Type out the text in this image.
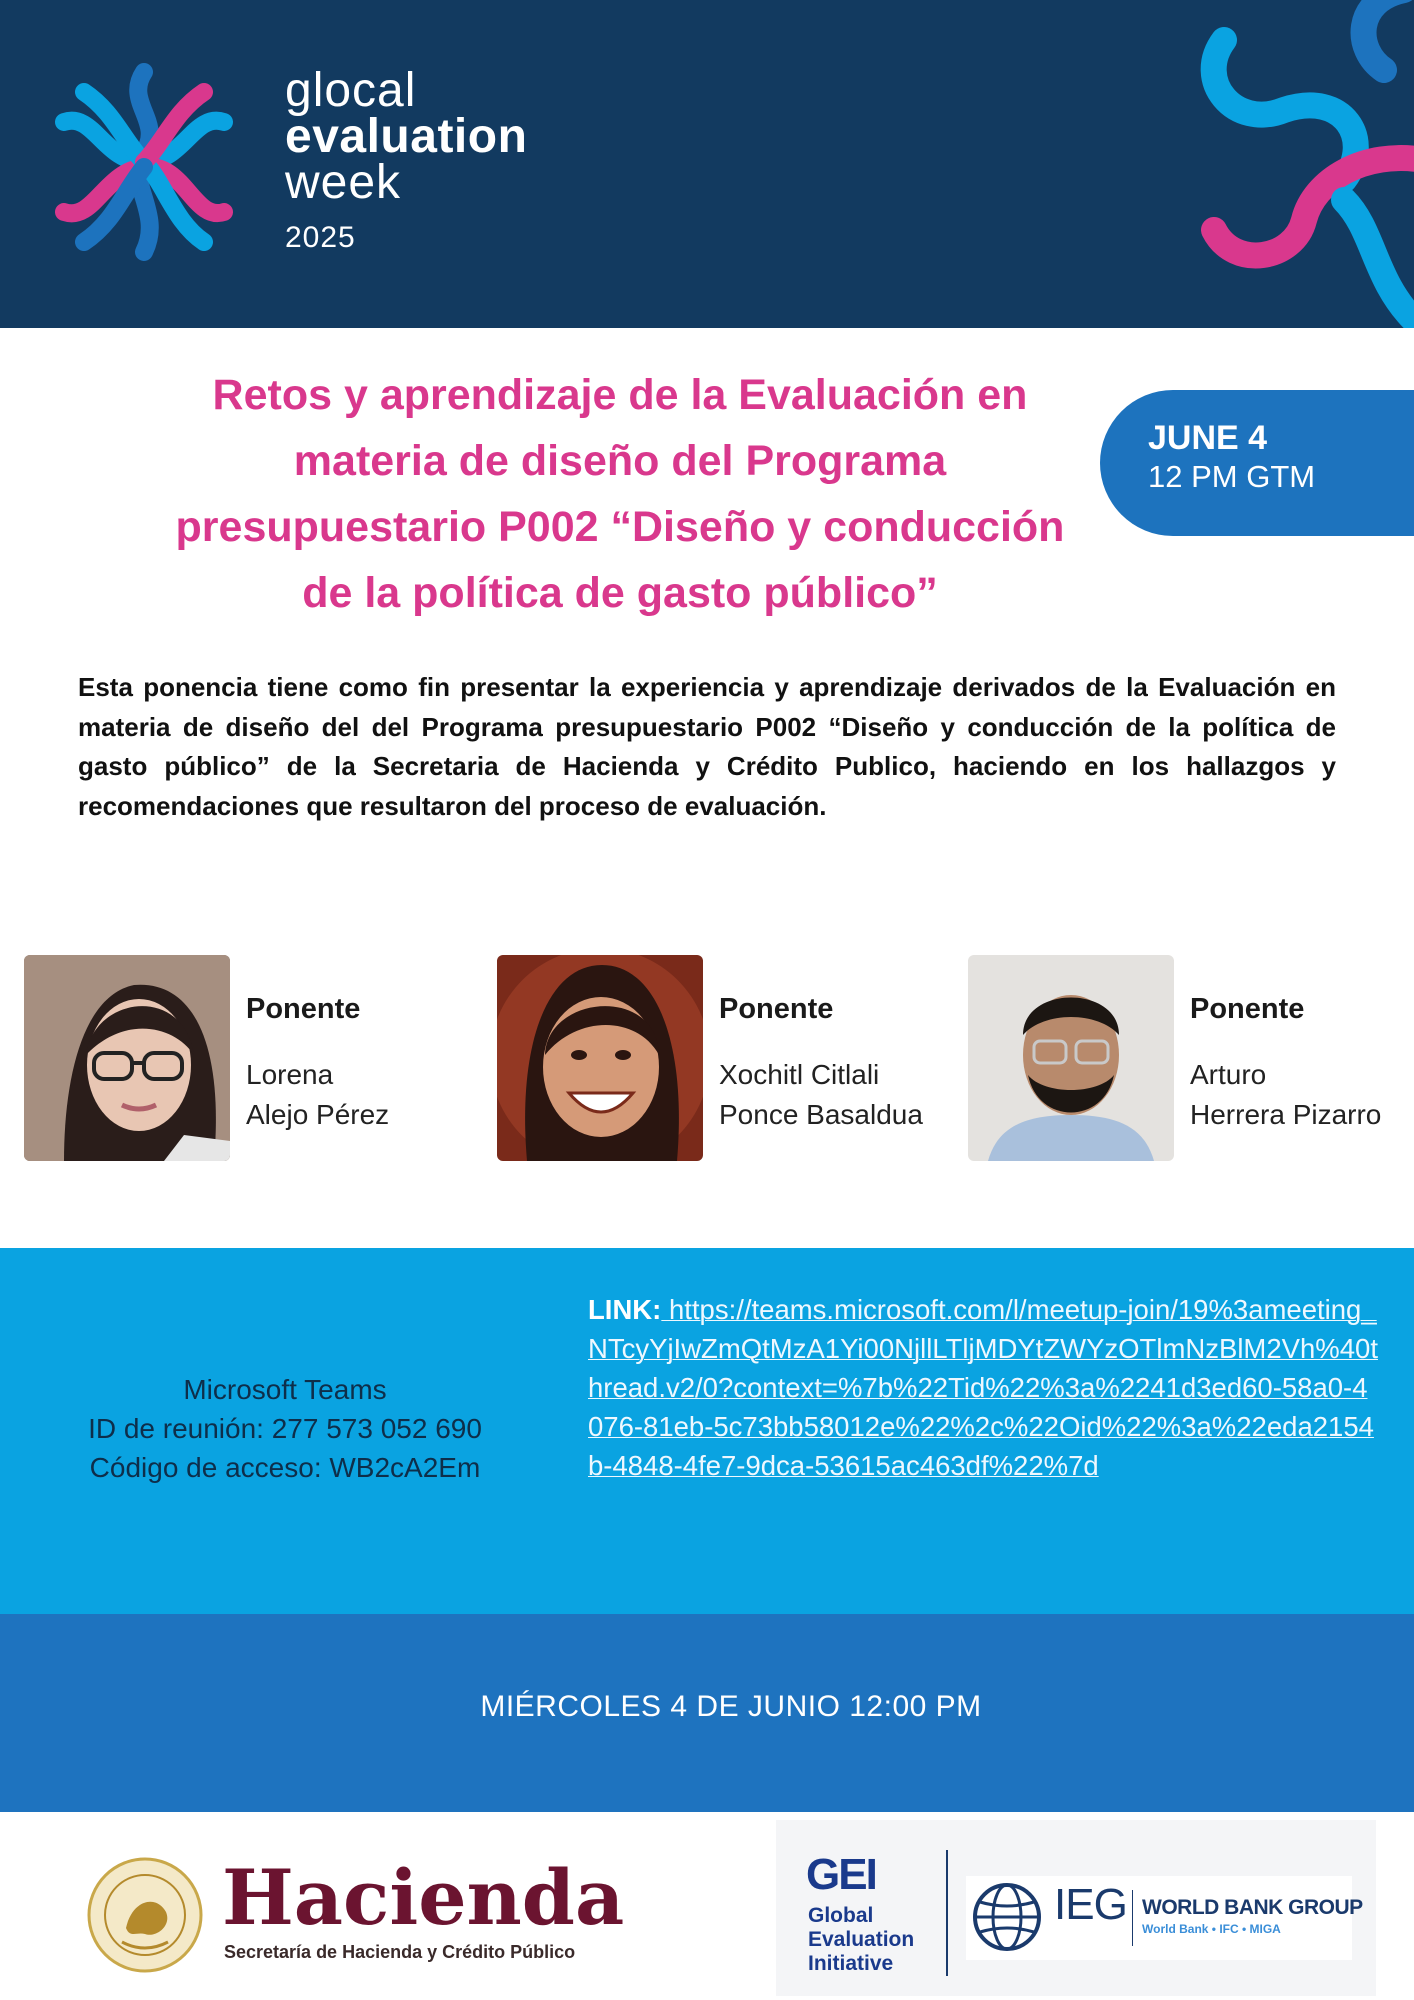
glocal
evaluation
week
2025
Retos y aprendizaje de la Evaluación en
materia de diseño del Programa
presupuestario P002 “Diseño y conducción
de la política de gasto público”
JUNE 4
12 PM GTM
Esta ponencia tiene como fin presentar la experiencia y aprendizaje derivados de la Evaluación en materia de diseño del del Programa presupuestario P002 “Diseño y conducción de la política de gasto público” de la Secretaria de Hacienda y Crédito Publico, haciendo en los hallazgos y recomendaciones que resultaron del proceso de evaluación.
Ponente
Lorena
Alejo Pérez
Ponente
Xochitl Citlali
Ponce Basaldua
Ponente
Arturo
Herrera Pizarro
Microsoft Teams
ID de reunión: 277 573 052 690
Código de acceso: WB2cA2Em
LINK: https://teams.microsoft.com/l/meetup-join/19%3ameeting_NTcyYjIwZmQtMzA1Yi00NjllLTljMDYtZWYzOTlmNzBlM2Vh%40thread.v2/0?context=%7b%22Tid%22%3a%2241d3ed60-58a0-4076-81eb-5c73bb58012e%22%2c%22Oid%22%3a%22eda2154b-4848-4fe7-9dca-53615ac463df%22%7d
MIÉRCOLES 4 DE JUNIO 12:00 PM
Hacienda
Secretaría de Hacienda y Crédito Público
GEI
Global
Evaluation
Initiative
IEG WORLD BANK GROUP
World Bank • IFC • MIGA
